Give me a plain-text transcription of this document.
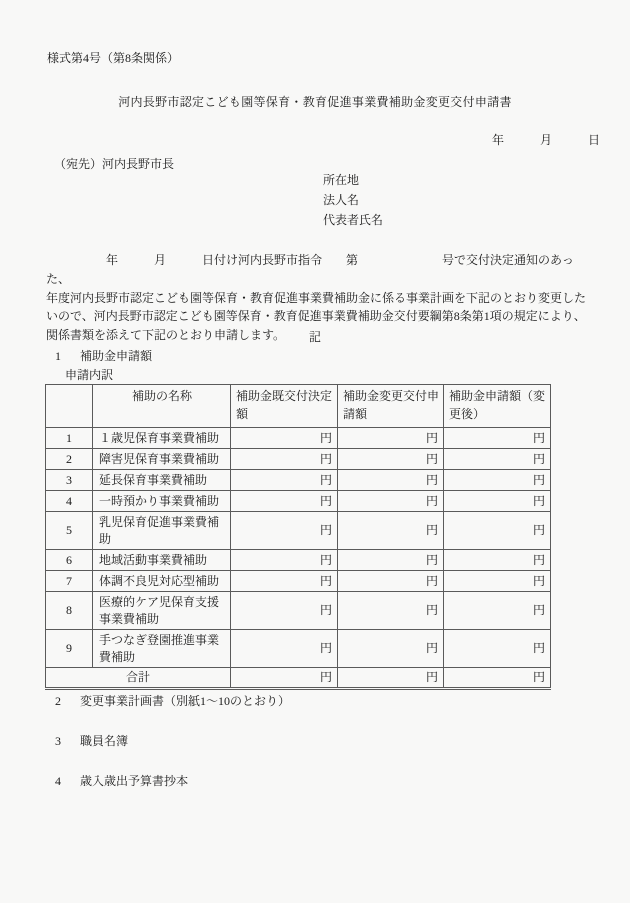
様式第4号（第8条関係）
河内長野市認定こども園等保育・教育促進事業費補助金変更交付申請書
年　　　月　　　日
（宛先）河内長野市長
所在地
法人名
代表者氏名
　　　　　年　　　月　　　日付け河内長野市指令　　第　　　　　　　号で交付決定通知のあった、
年度河内長野市認定こども園等保育・教育促進事業費補助金に係る事業計画を下記のとおり変更した
いので、河内長野市認定こども園等保育・教育促進事業費補助金交付要綱第8条第1項の規定により、
関係書類を添えて下記のとおり申請します。	記
1 補助金申請額
申請内訳
	補助の名称	補助金既交付決定額	補助金変更交付申請額	補助金申請額（変更後）
1	１歳児保育事業費補助	円	円	円
2	障害児保育事業費補助	円	円	円
3	延長保育事業費補助	円	円	円
4	一時預かり事業費補助	円	円	円
5	乳児保育促進事業費補助	円	円	円
6	地域活動事業費補助	円	円	円
7	体調不良児対応型補助	円	円	円
8	医療的ケア児保育支援事業費補助	円	円	円
9	手つなぎ登園推進事業費補助	円	円	円
合計		円	円	円
2 変更事業計画書（別紙1～10のとおり）
3 職員名簿
4 歳入歳出予算書抄本
